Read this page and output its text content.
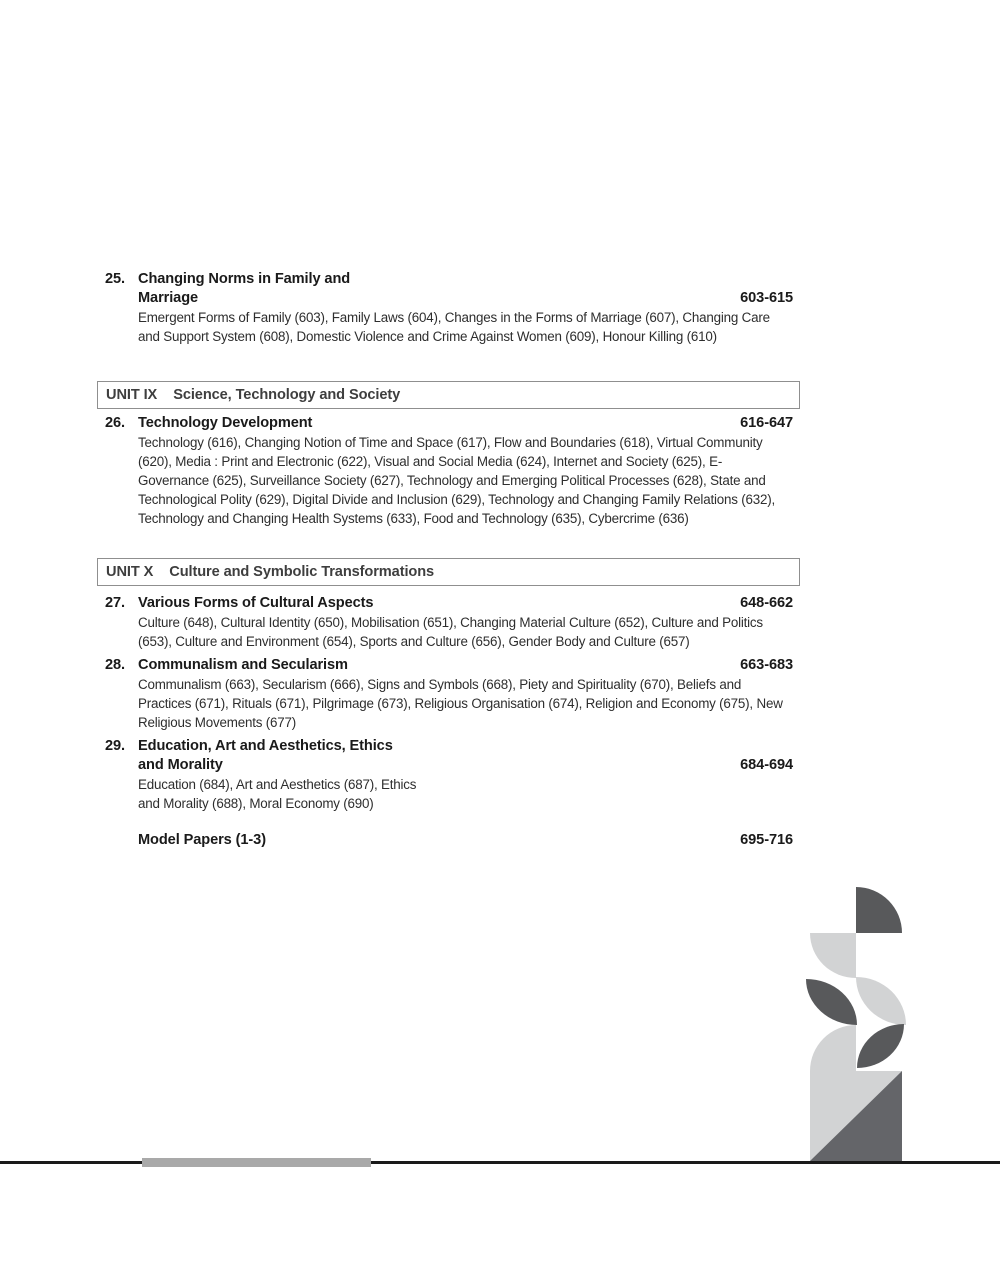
25. Changing Norms in Family and
Marriage	603-615
Emergent Forms of Family (603), Family Laws (604), Changes in the Forms of Marriage (607), Changing Care and Support System (608), Domestic Violence and Crime Against Women (609), Honour Killing (610)
UNIT IX Science, Technology and Society
26. Technology Development	616-647
Technology (616), Changing Notion of Time and Space (617), Flow and Boundaries (618), Virtual Community (620), Media : Print and Electronic (622), Visual and Social Media (624), Internet and Society (625), E-Governance (625), Surveillance Society (627), Technology and Emerging Political Processes (628), State and Technological Polity (629), Digital Divide and Inclusion (629), Technology and Changing Family Relations (632), Technology and Changing Health Systems (633), Food and Technology (635), Cybercrime (636)
UNIT X Culture and Symbolic Transformations
27. Various Forms of Cultural Aspects	648-662
Culture (648), Cultural Identity (650), Mobilisation (651), Changing Material Culture (652), Culture and Politics (653), Culture and Environment (654), Sports and Culture (656), Gender Body and Culture (657)
28. Communalism and Secularism	663-683
Communalism (663), Secularism (666), Signs and Symbols (668), Piety and Spirituality (670), Beliefs and Practices (671), Rituals (671), Pilgrimage (673), Religious Organisation (674), Religion and Economy (675), New Religious Movements (677)
29. Education, Art and Aesthetics, Ethics
and Morality	684-694
Education (684), Art and Aesthetics (687), Ethics
and Morality (688), Moral Economy (690)
Model Papers (1-3)	695-716
